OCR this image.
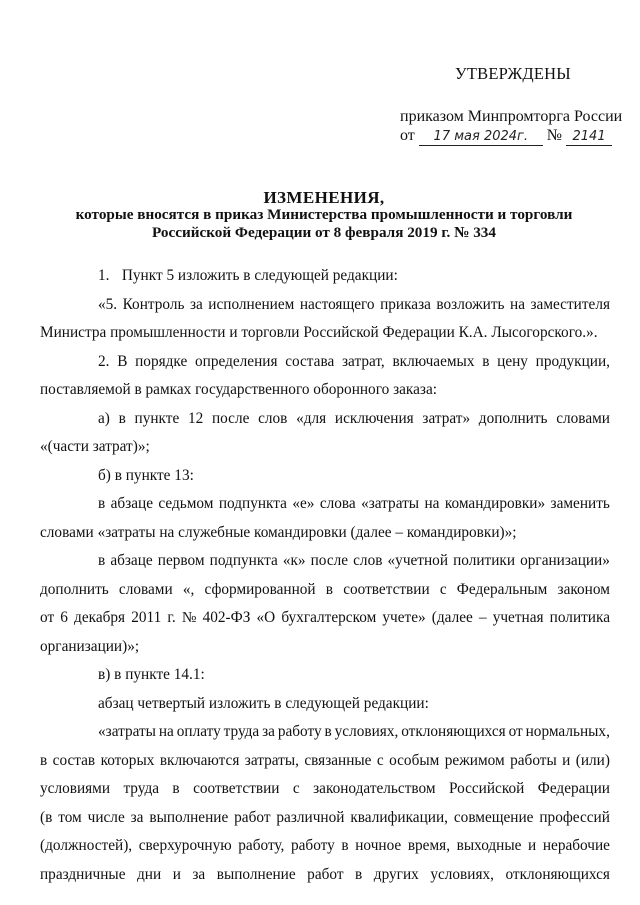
УТВЕРЖДЕНЫ
приказом Минпромторга России
от 17 мая 2024г. № 2141
ИЗМЕНЕНИЯ,
которые вносятся в приказ Министерства промышленности и торговли
Российской Федерации от 8 февраля 2019 г. № 334
1. Пункт 5 изложить в следующей редакции:
«5. Контроль за исполнением настоящего приказа возложить на заместителя
Министра промышленности и торговли Российской Федерации К.А. Лысогорского.».
2. В порядке определения состава затрат, включаемых в цену продукции,
поставляемой в рамках государственного оборонного заказа:
а) в пункте 12 после слов «для исключения затрат» дополнить словами
«(части затрат)»;
б) в пункте 13:
в абзаце седьмом подпункта «е» слова «затраты на командировки» заменить
словами «затраты на служебные командировки (далее – командировки)»;
в абзаце первом подпункта «к» после слов «учетной политики организации»
дополнить словами «, сформированной в соответствии с Федеральным законом
от 6 декабря 2011 г. № 402-ФЗ «О бухгалтерском учете» (далее – учетная политика
организации)»;
в) в пункте 14.1:
абзац четвертый изложить в следующей редакции:
«затраты на оплату труда за работу в условиях, отклоняющихся от нормальных,
в состав которых включаются затраты, связанные с особым режимом работы и (или)
условиями труда в соответствии с законодательством Российской Федерации
(в том числе за выполнение работ различной квалификации, совмещение профессий
(должностей), сверхурочную работу, работу в ночное время, выходные и нерабочие
праздничные дни и за выполнение работ в других условиях, отклоняющихся
